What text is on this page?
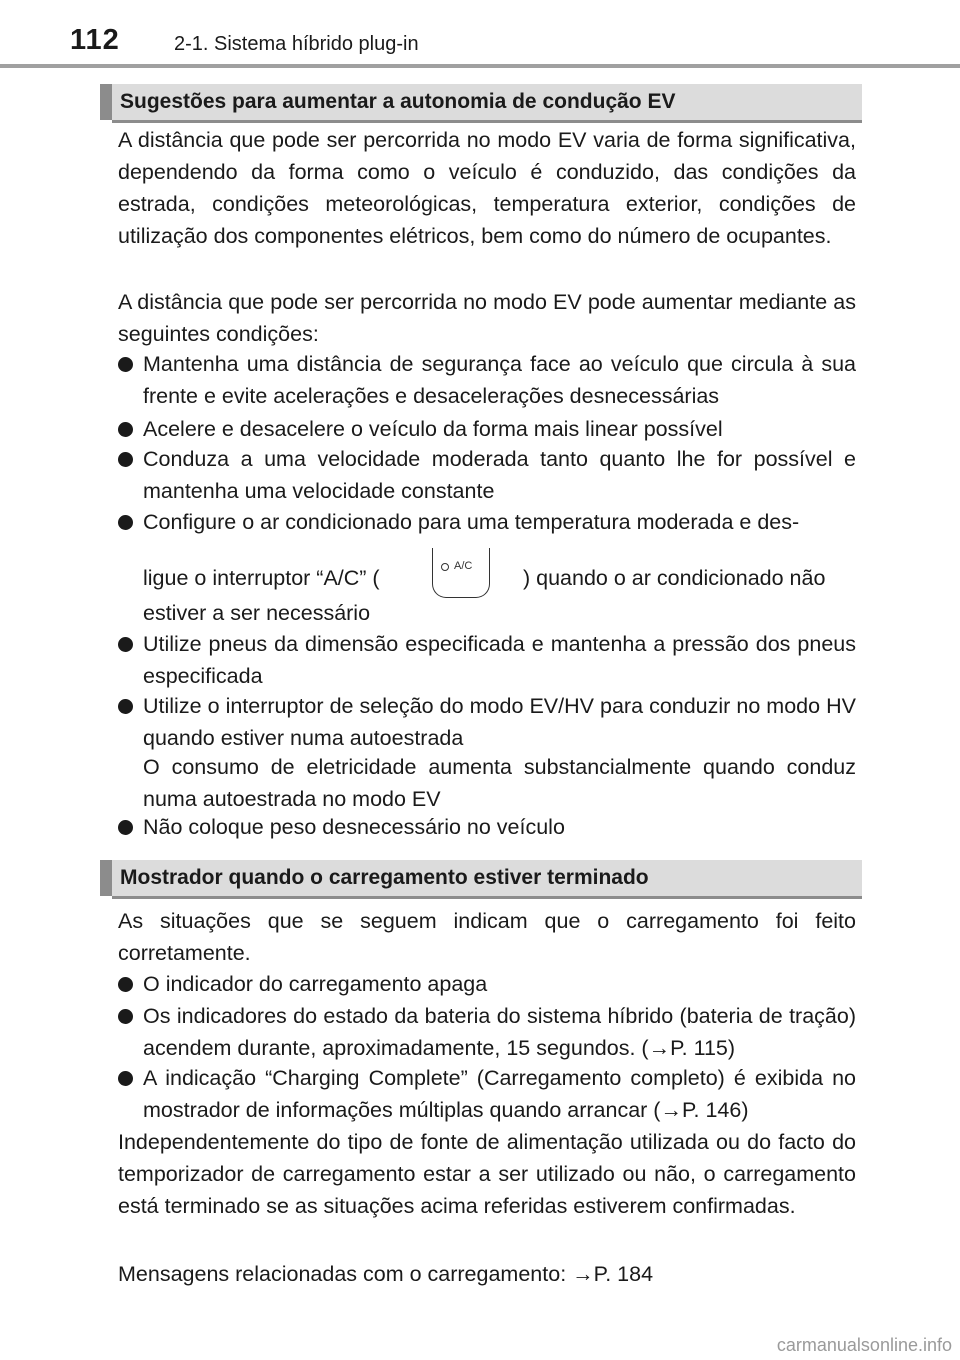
112	2-1. Sistema híbrido plug-in
Sugestões para aumentar a autonomia de condução EV
A distância que pode ser percorrida no modo EV varia de forma significativa, dependendo da forma como o veículo é conduzido, das condições da estrada, condições meteorológicas, temperatura exterior, condições de utilização dos componentes elétricos, bem como do número de ocupantes.
A distância que pode ser percorrida no modo EV pode aumentar mediante as seguintes condições:
Mantenha uma distância de segurança face ao veículo que circula à sua frente e evite acelerações e desacelerações desnecessárias
Acelere e desacelere o veículo da forma mais linear possível
Conduza a uma velocidade moderada tanto quanto lhe for possível e mantenha uma velocidade constante
Configure o ar condicionado para uma temperatura moderada e des-
ligue o interruptor “A/C” (	) quando o ar condicionado não
A/C
estiver a ser necessário
Utilize pneus da dimensão especificada e mantenha a pressão dos pneus especificada
Utilize o interruptor de seleção do modo EV/HV para conduzir no modo HV quando estiver numa autoestrada
O consumo de eletricidade aumenta substancialmente quando conduz numa autoestrada no modo EV
Não coloque peso desnecessário no veículo
Mostrador quando o carregamento estiver terminado
As situações que se seguem indicam que o carregamento foi feito corretamente.
O indicador do carregamento apaga
Os indicadores do estado da bateria do sistema híbrido (bateria de tração) acendem durante, aproximadamente, 15 segundos. (→P. 115)
A indicação “Charging Complete” (Carregamento completo) é exibida no mostrador de informações múltiplas quando arrancar (→P. 146)
Independentemente do tipo de fonte de alimentação utilizada ou do facto do temporizador de carregamento estar a ser utilizado ou não, o carregamento está terminado se as situações acima referidas estiverem confirmadas.
Mensagens relacionadas com o carregamento: →P. 184
carmanualsonline.info
